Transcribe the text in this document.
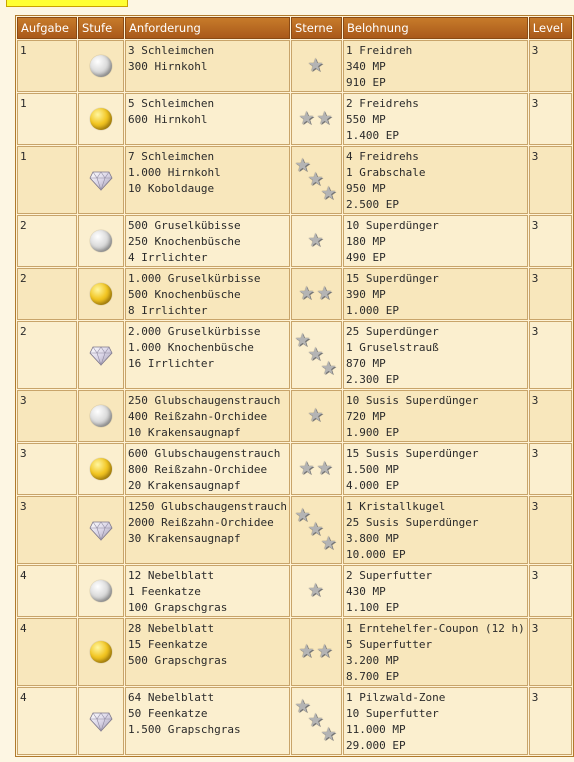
Aufgabe	Stufe	Anforderung	Sterne	Belohnung	Level
1		3 Schleimchen
300 Hirnkohl	★	1 Freidreh
340 MP
910 EP	3
1		5 Schleimchen
600 Hirnkohl	★ ★	2 Freidrehs
550 MP
1.400 EP	3
1		7 Schleimchen
1.000 Hirnkohl
10 Koboldauge	★
★
★	4 Freidrehs
1 Grabschale
950 MP
2.500 EP	3
2		500 Gruselkübisse
250 Knochenbüsche
4 Irrlichter	★	10 Superdünger
180 MP
490 EP	3
2		1.000 Gruselkürbisse
500 Knochenbüsche
8 Irrlichter	★ ★	15 Superdünger
390 MP
1.000 EP	3
2		2.000 Gruselkürbisse
1.000 Knochenbüsche
16 Irrlichter	★
★
★	25 Superdünger
1 Gruselstrauß
870 MP
2.300 EP	3
3		250 Glubschaugenstrauch
400 Reißzahn-Orchidee
10 Krakensaugnapf	★	10 Susis Superdünger
720 MP
1.900 EP	3
3		600 Glubschaugenstrauch
800 Reißzahn-Orchidee
20 Krakensaugnapf	★ ★	15 Susis Superdünger
1.500 MP
4.000 EP	3
3		1250 Glubschaugenstrauch
2000 Reißzahn-Orchidee
30 Krakensaugnapf	★
★
★	1 Kristallkugel
25 Susis Superdünger
3.800 MP
10.000 EP	3
4		12 Nebelblatt
1 Feenkatze
100 Grapschgras	★	2 Superfutter
430 MP
1.100 EP	3
4		28 Nebelblatt
15 Feenkatze
500 Grapschgras	★ ★	1 Erntehelfer-Coupon (12 h)
5 Superfutter
3.200 MP
8.700 EP	3
4		64 Nebelblatt
50 Feenkatze
1.500 Grapschgras	★
★
★	1 Pilzwald-Zone
10 Superfutter
11.000 MP
29.000 EP	3
